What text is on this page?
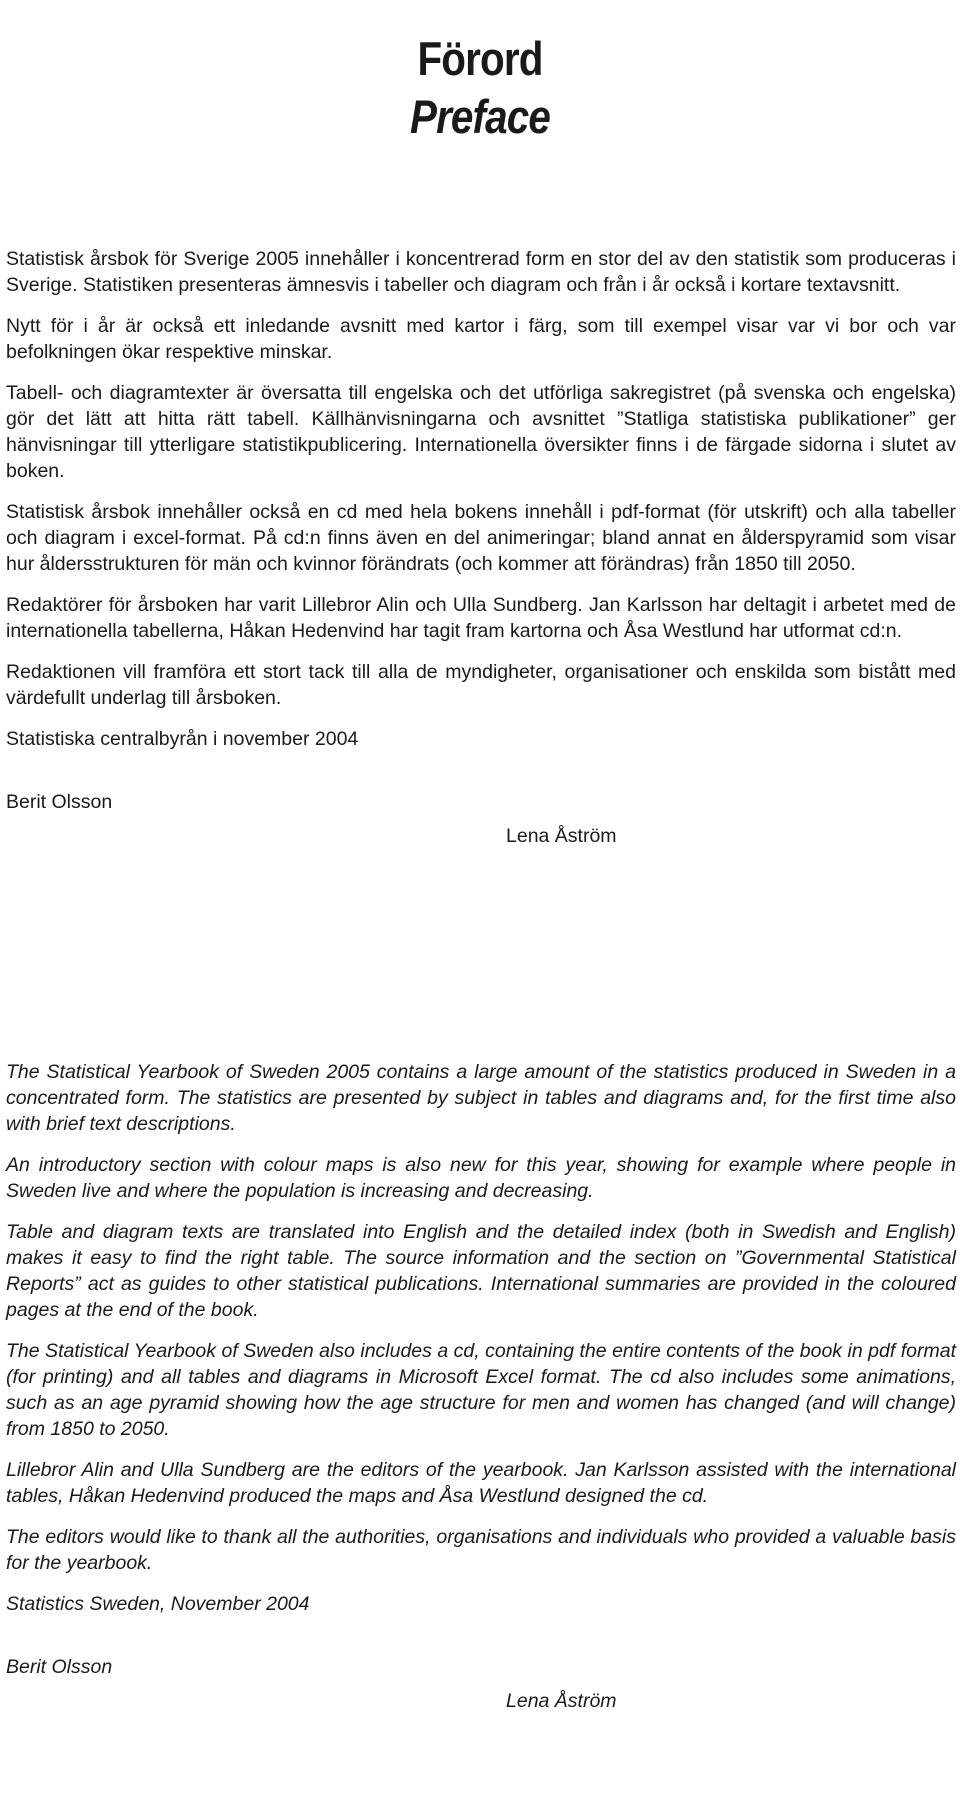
Förord
Preface

Statistisk årsbok för Sverige 2005 innehåller i koncentrerad form en stor del av den statistik som produceras i Sverige. Statistiken presenteras ämnesvis i tabeller och diagram och från i år också i kortare textavsnitt.

Nytt för i år är också ett inledande avsnitt med kartor i färg, som till exempel visar var vi bor och var befolkningen ökar respektive minskar.

Tabell- och diagramtexter är översatta till engelska och det utförliga sakregistret (på svenska och engelska) gör det lätt att hitta rätt tabell. Källhänvisningarna och avsnittet ”Statliga statistiska publikationer” ger hänvisningar till ytterligare statistikpublicering. Internationella översikter finns i de färgade sidorna i slutet av boken.

Statistisk årsbok innehåller också en cd med hela bokens innehåll i pdf-format (för utskrift) och alla tabeller och diagram i excel-format. På cd:n finns även en del animeringar; bland annat en ålderspyramid som visar hur åldersstrukturen för män och kvinnor förändrats (och kommer att förändras) från 1850 till 2050.

Redaktörer för årsboken har varit Lillebror Alin och Ulla Sundberg. Jan Karlsson har deltagit i arbetet med de internationella tabellerna, Håkan Hedenvind har tagit fram kartorna och Åsa Westlund har utformat cd:n.

Redaktionen vill framföra ett stort tack till alla de myndigheter, organisationer och enskilda som bistått med värdefullt underlag till årsboken.

Statistiska centralbyrån i november 2004

Berit Olsson
Lena Åström

The Statistical Yearbook of Sweden 2005 contains a large amount of the statistics produced in Sweden in a concentrated form. The statistics are presented by subject in tables and diagrams and, for the first time also with brief text descriptions.

An introductory section with colour maps is also new for this year, showing for example where people in Sweden live and where the population is increasing and decreasing.

Table and diagram texts are translated into English and the detailed index (both in Swedish and English) makes it easy to find the right table. The source information and the section on ”Governmental Statistical Reports” act as guides to other statistical publications. International summaries are provided in the coloured pages at the end of the book.

The Statistical Yearbook of Sweden also includes a cd, containing the entire contents of the book in pdf format (for printing) and all tables and diagrams in Microsoft Excel format. The cd also includes some animations, such as an age pyramid showing how the age structure for men and women has changed (and will change) from 1850 to 2050.

Lillebror Alin and Ulla Sundberg are the editors of the yearbook. Jan Karlsson assisted with the international tables, Håkan Hedenvind produced the maps and Åsa Westlund designed the cd.

The editors would like to thank all the authorities, organisations and individuals who provided a valuable basis for the yearbook.

Statistics Sweden, November 2004

Berit Olsson
Lena Åström
